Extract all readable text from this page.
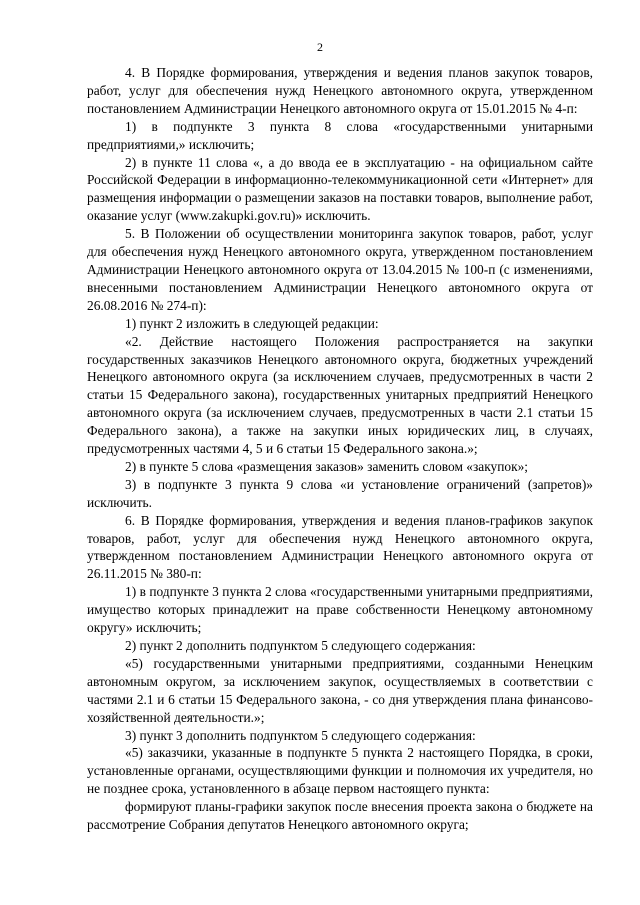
2

4. В Порядке формирования, утверждения и ведения планов закупок товаров, работ, услуг для обеспечения нужд Ненецкого автономного округа, утвержденном постановлением Администрации Ненецкого автономного округа от 15.01.2015 № 4-п:

1) в подпункте 3 пункта 8 слова «государственными унитарными предприятиями,» исключить;

2) в пункте 11 слова «, а до ввода ее в эксплуатацию - на официальном сайте Российской Федерации в информационно-телекоммуникационной сети «Интернет» для размещения информации о размещении заказов на поставки товаров, выполнение работ, оказание услуг (www.zakupki.gov.ru)» исключить.

5. В Положении об осуществлении мониторинга закупок товаров, работ, услуг для обеспечения нужд Ненецкого автономного округа, утвержденном постановлением Администрации Ненецкого автономного округа от 13.04.2015 № 100-п (с изменениями, внесенными постановлением Администрации Ненецкого автономного округа от 26.08.2016 № 274-п):

1) пункт 2 изложить в следующей редакции:

«2. Действие настоящего Положения распространяется на закупки государственных заказчиков Ненецкого автономного округа, бюджетных учреждений Ненецкого автономного округа (за исключением случаев, предусмотренных в части 2 статьи 15 Федерального закона), государственных унитарных предприятий Ненецкого автономного округа (за исключением случаев, предусмотренных в части 2.1 статьи 15 Федерального закона), а также на закупки иных юридических лиц, в случаях, предусмотренных частями 4, 5 и 6 статьи 15 Федерального закона.»;

2) в пункте 5 слова «размещения заказов» заменить словом «закупок»;

3) в подпункте 3 пункта 9 слова «и установление ограничений (запретов)» исключить.

6. В Порядке формирования, утверждения и ведения планов-графиков закупок товаров, работ, услуг для обеспечения нужд Ненецкого автономного округа, утвержденном постановлением Администрации Ненецкого автономного округа от 26.11.2015 № 380-п:

1) в подпункте 3 пункта 2 слова «государственными унитарными предприятиями, имущество которых принадлежит на праве собственности Ненецкому автономному округу» исключить;

2) пункт 2 дополнить подпунктом 5 следующего содержания:

«5) государственными унитарными предприятиями, созданными Ненецким автономным округом, за исключением закупок, осуществляемых в соответствии с частями 2.1 и 6 статьи 15 Федерального закона, - со дня утверждения плана финансово-хозяйственной деятельности.»;

3) пункт 3 дополнить подпунктом 5 следующего содержания:

«5) заказчики, указанные в подпункте 5 пункта 2 настоящего Порядка, в сроки, установленные органами, осуществляющими функции и полномочия их учредителя, но не позднее срока, установленного в абзаце первом настоящего пункта:

формируют планы-графики закупок после внесения проекта закона о бюджете на рассмотрение Собрания депутатов Ненецкого автономного округа;
